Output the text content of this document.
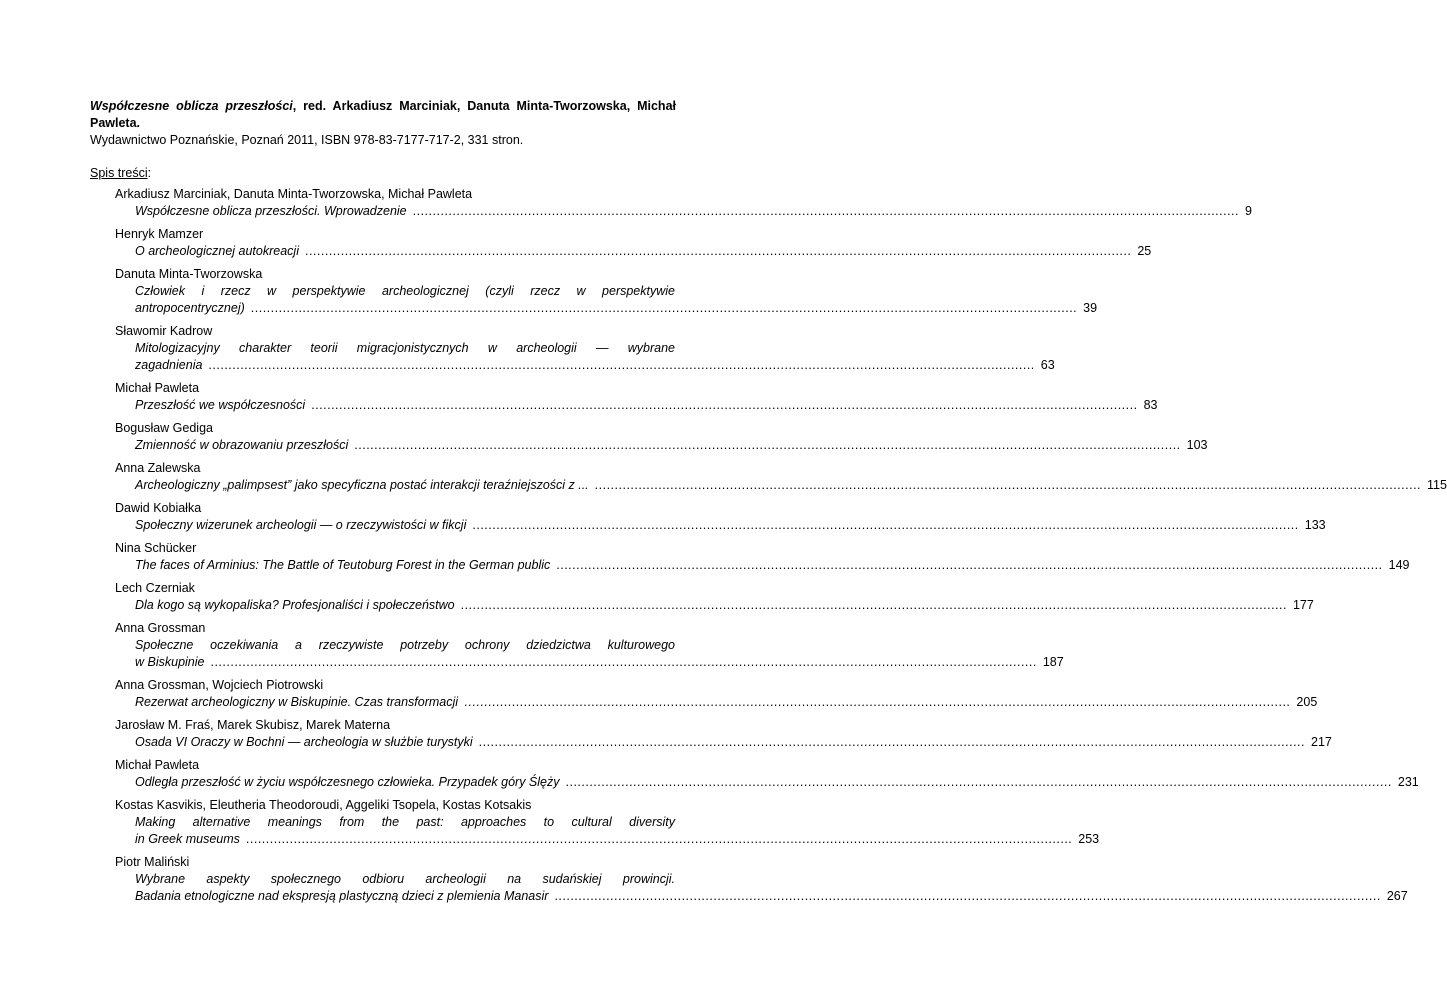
Współczesne oblicza przeszłości, red. Arkadiusz Marciniak, Danuta Minta-Tworzowska, Michał Pawleta.
Wydawnictwo Poznańskie, Poznań 2011, ISBN 978-83-7177-717-2, 331 stron.
Spis treści:
Arkadiusz Marciniak, Danuta Minta-Tworzowska, Michał Pawleta
Współczesne oblicza przeszłości. Wprowadzenie .....	9
Henryk Mamzer
O archeologicznej autokreacji .....	25
Danuta Minta-Tworzowska
Człowiek i rzecz w perspektywie archeologicznej (czyli rzecz w perspektywie
antropocentrycznej) .....	39
Sławomir Kadrow
Mitologizacyjny charakter teorii migracjonistycznych w archeologii — wybrane
zagadnienia .....	63
Michał Pawleta
Przeszłość we współczesności .....	83
Bogusław Gediga
Zmienność w obrazowaniu przeszłości .....	103
Anna Zalewska
Archeologiczny „palimpsest” jako specyficzna postać interakcji teraźniejszości z ... .....	115
Dawid Kobiałka
Społeczny wizerunek archeologii — o rzeczywistości w fikcji .....	133
Nina Schücker
The faces of Arminius: The Battle of Teutoburg Forest in the German public .....	149
Lech Czerniak
Dla kogo są wykopaliska? Profesjonaliści i społeczeństwo .....	177
Anna Grossman
Społeczne oczekiwania a rzeczywiste potrzeby ochrony dziedzictwa kulturowego
w Biskupinie .....	187
Anna Grossman, Wojciech Piotrowski
Rezerwat archeologiczny w Biskupinie. Czas transformacji .....	205
Jarosław M. Fraś, Marek Skubisz, Marek Materna
Osada VI Oraczy w Bochni — archeologia w służbie turystyki .....	217
Michał Pawleta
Odległa przeszłość w życiu współczesnego człowieka. Przypadek góry Ślęży .....	231
Kostas Kasvikis, Eleutheria Theodoroudi, Aggeliki Tsopela, Kostas Kotsakis
Making alternative meanings from the past: approaches to cultural diversity
in Greek museums .....	253
Piotr Maliński
Wybrane aspekty społecznego odbioru archeologii na sudańskiej prowincji.
Badania etnologiczne nad ekspresją plastyczną dzieci z plemienia Manasir .....	267
